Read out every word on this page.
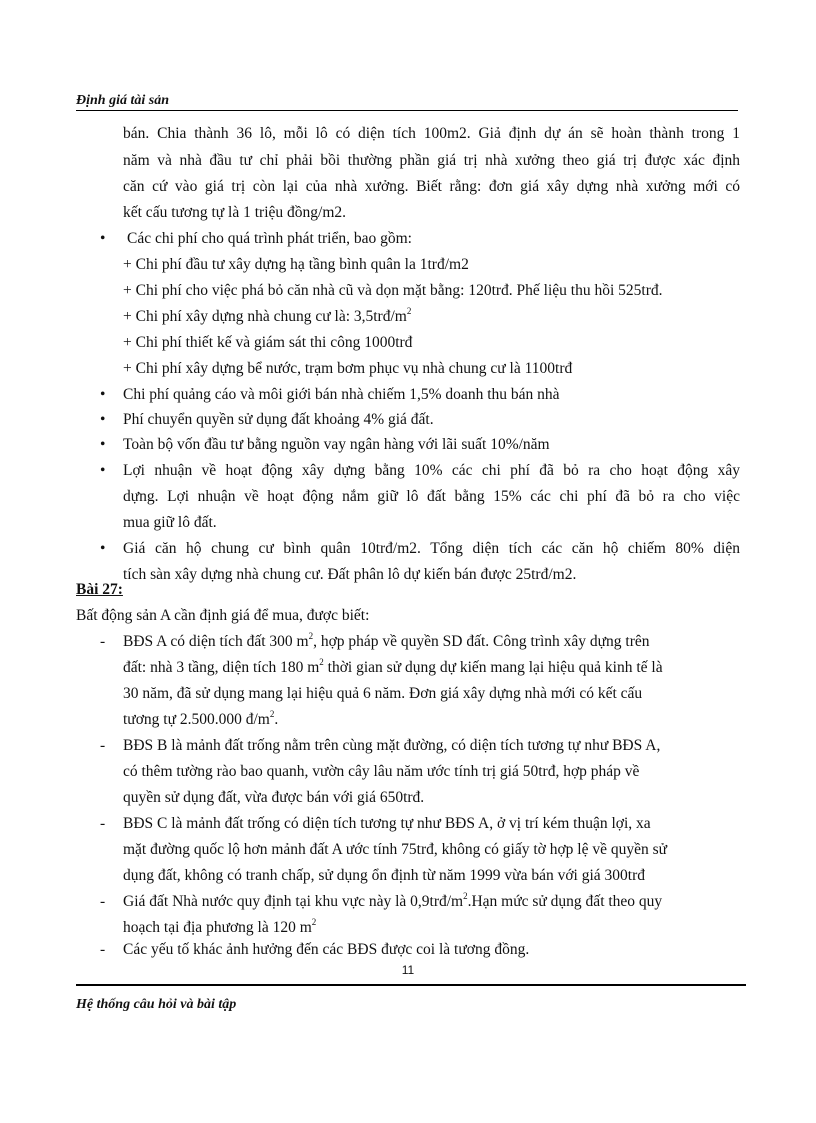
Định giá tài sản
bán. Chia thành 36 lô, mỗi lô có diện tích 100m2. Giả định dự án sẽ hoàn thành trong 1
năm và nhà đầu tư chỉ phải bồi thường phần giá trị nhà xưởng theo giá trị được xác định
căn cứ vào giá trị còn lại của nhà xưởng. Biết rằng: đơn giá xây dựng nhà xưởng mới có
kết cấu tương tự là 1 triệu đồng/m2.
• Các chi phí cho quá trình phát triển, bao gồm:
+ Chi phí đầu tư xây dựng hạ tầng bình quân la 1trđ/m2
+ Chi phí cho việc phá bỏ căn nhà cũ và dọn mặt bằng: 120trđ. Phế liệu thu hồi 525trđ.
+ Chi phí xây dựng nhà chung cư là: $3,5trđ/m^2$
+ Chi phí thiết kế và giám sát thi công 1000trđ
+ Chi phí xây dựng bể nước, trạm bơm phục vụ nhà chung cư là 1100trđ
• Chi phí quảng cáo và môi giới bán nhà chiếm 1,5% doanh thu bán nhà
• Phí chuyển quyền sử dụng đất khoảng 4% giá đất.
• Toàn bộ vốn đầu tư bằng nguồn vay ngân hàng với lãi suất 10%/năm
• Lợi nhuận về hoạt động xây dựng bằng 10% các chi phí đã bỏ ra cho hoạt động xây
dựng. Lợi nhuận về hoạt động nắm giữ lô đất bằng 15% các chi phí đã bỏ ra cho việc
mua giữ lô đất.
• Giá căn hộ chung cư bình quân 10trđ/m2. Tổng diện tích các căn hộ chiếm 80% diện
tích sàn xây dựng nhà chung cư. Đất phân lô dự kiến bán được 25trđ/m2.
Bài 27:
Bất động sản A cần định giá để mua, được biết:
- BĐS A có diện tích đất 300 $m^2$, hợp pháp về quyền SD đất. Công trình xây dựng trên
đất: nhà 3 tầng, diện tích 180 $m^2$ thời gian sử dụng dự kiến mang lại hiệu quả kinh tế là
30 năm, đã sử dụng mang lại hiệu quả 6 năm. Đơn giá xây dựng nhà mới có kết cấu
tương tự 2.500.000 $đ/m^2$.
- BĐS B là mảnh đất trống nằm trên cùng mặt đường, có diện tích tương tự như BĐS A,
có thêm tường rào bao quanh, vườn cây lâu năm ước tính trị giá 50trđ, hợp pháp về
quyền sử dụng đất, vừa được bán với giá 650trđ.
- BĐS C là mảnh đất trống có diện tích tương tự như BĐS A, ở vị trí kém thuận lợi, xa
mặt đường quốc lộ hơn mảnh đất A ước tính 75trđ, không có giấy tờ hợp lệ về quyền sử
dụng đất, không có tranh chấp, sử dụng ổn định từ năm 1999 vừa bán với giá 300trđ
- Giá đất Nhà nước quy định tại khu vực này là $0,9trđ/m^2.Hạn$ mức sử dụng đất theo quy
hoạch tại địa phương là 120 $m^2$
- Các yếu tố khác ảnh hưởng đến các BĐS được coi là tương đồng.
11
Hệ thống câu hỏi và bài tập
